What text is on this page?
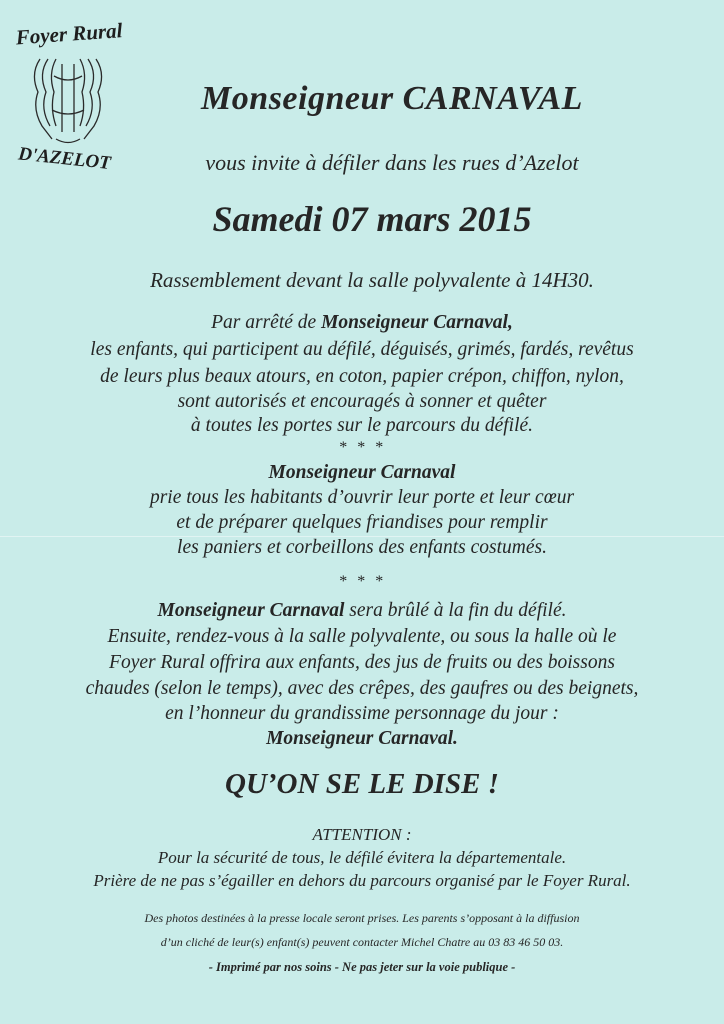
Foyer Rural
D'AZELOT
Monseigneur CARNAVAL
vous invite à défiler dans les rues d’Azelot
Samedi 07 mars 2015
Rassemblement devant la salle polyvalente à 14H30.
Par arrêté de Monseigneur Carnaval,
les enfants, qui participent au défilé, déguisés, grimés, fardés, revêtus
de leurs plus beaux atours, en coton, papier crépon, chiffon, nylon,
sont autorisés et encouragés à sonner et quêter
à toutes les portes sur le parcours du défilé.
* * *
Monseigneur Carnaval
prie tous les habitants d’ouvrir leur porte et leur cœur
et de préparer quelques friandises pour remplir
les paniers et corbeillons des enfants costumés.
* * *
Monseigneur Carnaval sera brûlé à la fin du défilé.
Ensuite, rendez-vous à la salle polyvalente, ou sous la halle où le
Foyer Rural offrira aux enfants, des jus de fruits ou des boissons
chaudes (selon le temps), avec des crêpes, des gaufres ou des beignets,
en l’honneur du grandissime personnage du jour :
Monseigneur Carnaval.
QU’ON SE LE DISE !
ATTENTION :
Pour la sécurité de tous, le défilé évitera la départementale.
Prière de ne pas s’égailler en dehors du parcours organisé par le Foyer Rural.
Des photos destinées à la presse locale seront prises. Les parents s’opposant à la diffusion
d’un cliché de leur(s) enfant(s) peuvent contacter Michel Chatre au 03 83 46 50 03.
- Imprimé par nos soins - Ne pas jeter sur la voie publique -
